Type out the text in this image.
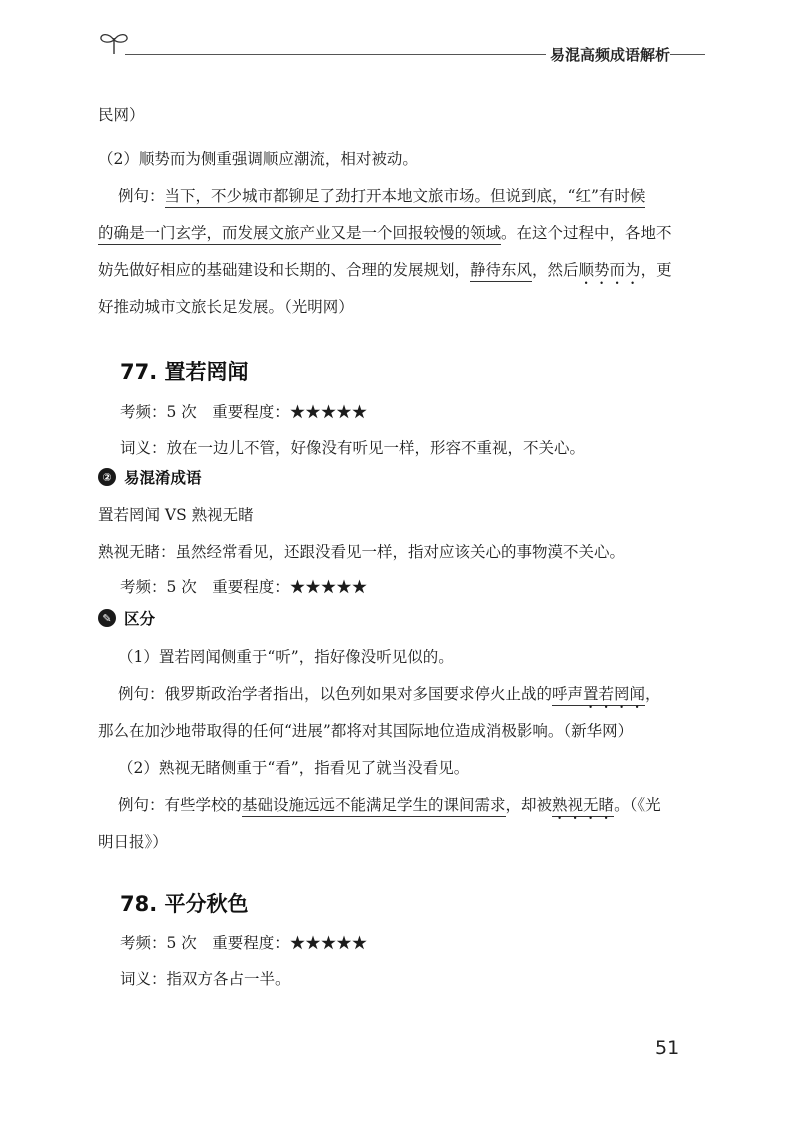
易混高频成语解析

民网）

（2）顺势而为侧重强调顺应潮流，相对被动。

例句：当下，不少城市都铆足了劲打开本地文旅市场。但说到底，“红”有时候

的确是一门玄学，而发展文旅产业又是一个回报较慢的领域。在这个过程中，各地不

妨先做好相应的基础建设和长期的、合理的发展规划，静待东风，然后顺势而为，更

好推动城市文旅长足发展。（光明网）

77. 置若罔闻

考频：5 次　重要程度：★★★★★

词义：放在一边儿不管，好像没有听见一样，形容不重视，不关心。

② 易混淆成语

置若罔闻 VS 熟视无睹

熟视无睹：虽然经常看见，还跟没看见一样，指对应该关心的事物漠不关心。

考频：5 次　重要程度：★★★★★

✎ 区分

（1）置若罔闻侧重于“听”，指好像没听见似的。

例句：俄罗斯政治学者指出，以色列如果对多国要求停火止战的呼声置若罔闻，

那么在加沙地带取得的任何“进展”都将对其国际地位造成消极影响。（新华网）

（2）熟视无睹侧重于“看”，指看见了就当没看见。

例句：有些学校的基础设施远远不能满足学生的课间需求，却被熟视无睹。（《光

明日报》）

78. 平分秋色

考频：5 次　重要程度：★★★★★

词义：指双方各占一半。

51
